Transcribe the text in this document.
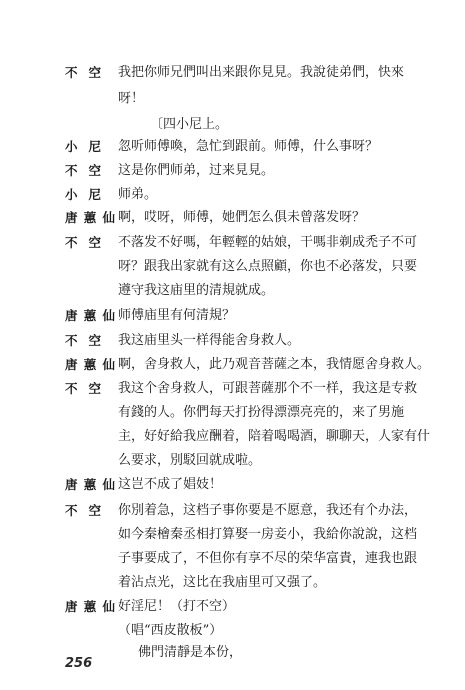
不 空 我把你师兄們叫出来跟你見見。我說徒弟們，快來
呀！
〔四小尼上。
小 尼 忽听师傅喚，急忙到跟前。师傅，什么事呀？
不 空 这是你們师弟，过来見見。
小 尼 师弟。
唐 蕙 仙 啊，哎呀，师傅，她們怎么俱未曾落发呀？
不 空 不落发不好嗎，年輕輕的姑娘，干嗎非剃成禿子不可
呀？跟我出家就有这么点照顧，你也不必落发，只要
遵守我这庙里的清規就成。
唐 蕙 仙 师傅庙里有何清規？
不 空 我这庙里头一样得能舍身救人。
唐 蕙 仙 啊，舍身救人，此乃观音菩薩之本，我情愿舍身救人。
不 空 我这个舍身救人，可跟菩薩那个不一样，我这是专救
有錢的人。你們每天打扮得漂漂亮亮的，来了男施
主，好好給我应酬着，陪着喝喝酒，聊聊天，人家有什
么要求，別駁回就成啦。
唐 蕙 仙 这岂不成了娼妓！
不 空 你別着急，这档子事你要是不愿意，我还有个办法，
如今秦檜秦丞相打算娶一房妾小，我給你說說，这档
子事要成了，不但你有享不尽的荣华富貴，連我也跟
着沾点光，这比在我庙里可又强了。
唐 蕙 仙 好淫尼！（打不空）
（唱“西皮散板”）
佛門清靜是本份，
256
